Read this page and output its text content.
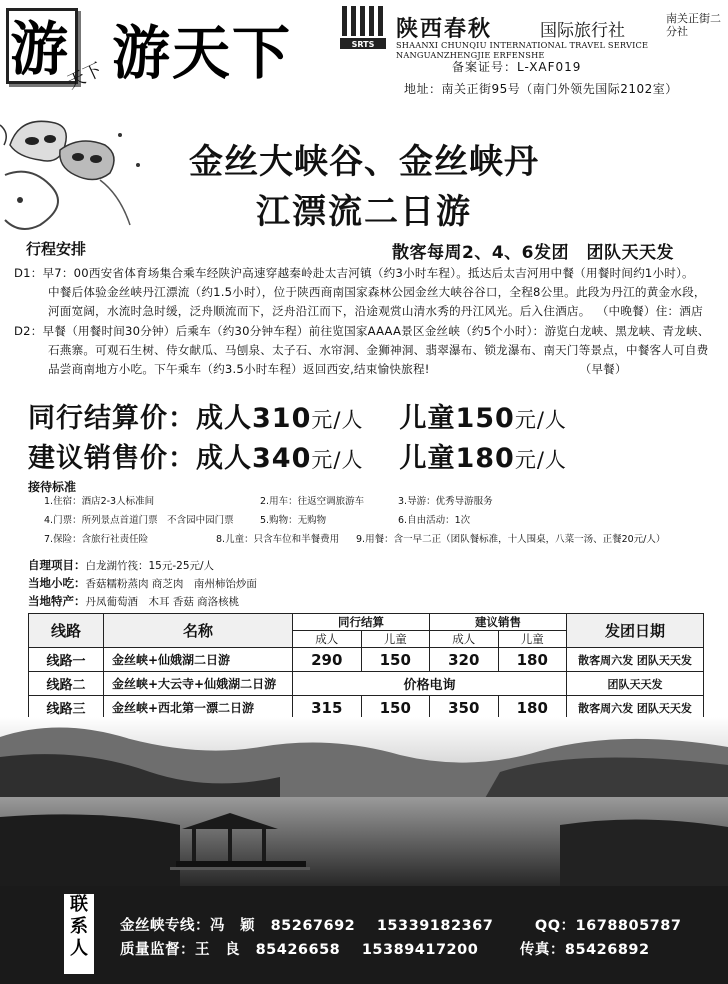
游 天下 游天下	SRTS
陕西春秋	国际旅行社
南关正街二分社
SHAANXI CHUNQIU INTERNATIONAL TRAVEL SERVICE NANGUANZHENGJIE ERFENSHE
备案证号：L-XAF019
地址：南关正街95号（南门外领先国际2102室）
金丝大峡谷、金丝峡丹
江漂流二日游
行程安排	散客每周2、4、6发团　团队天天发
D1：早7：00西安省体育场集合乘车经陕沪高速穿越秦岭赴太吉河镇（约3小时车程）。抵达后太吉河用中餐（用餐时间约1小时）。
中餐后体验金丝峡丹江漂流（约1.5小时），位于陕西商南国家森林公园金丝大峡谷谷口，全程8公里。此段为丹江的黄金水段，
河面宽阔，水流时急时缓，泛舟顺流而下，泛舟沿江而下，沿途观赏山清水秀的丹江风光。后入住酒店。 （中晚餐）住：酒店
D2：早餐（用餐时间30分钟）后乘车（约30分钟车程）前往览国家AAAA景区金丝峡（约5个小时）：游览白龙峡、黑龙峡、青龙峡、
石燕寨。可观石生树、侍女献瓜、马刨泉、太子石、水帘洞、金狮神洞、翡翠瀑布、锁龙瀑布、南天门等景点，中餐客人可自费
品尝商南地方小吃。下午乘车（约3.5小时车程）返回西安,结束愉快旅程!	（早餐）
同行结算价：成人310元/人 儿童150元/人
建议销售价：成人340元/人 儿童180元/人
接待标准
1.住宿：酒店2-3人标准间	2.用车：往返空调旅游车	3.导游：优秀导游服务
4.门票：所列景点首道门票　不含园中园门票	5.购物：无购物	6.自由活动：1次
7.保险：含旅行社责任险	8.儿童：只含车位和半餐费用 9.用餐：含一早二正（团队餐标准，十人围桌，八菜一汤、正餐20元/人）
自理项目：白龙湖竹筏：15元-25元/人
当地小吃：香菇糯粉蒸肉 商芝肉　南州柿饴炒面
当地特产：丹凤葡萄酒　木耳 香菇 商洛核桃
线路	名称	同行结算		建议销售		发团日期
		成人	儿童	成人	儿童	
线路一	金丝峡+仙娥湖二日游	290	150	320	180	散客周六发 团队天天发
线路二	金丝峡+大云寺+仙娥湖二日游	价格电询				团队天天发
线路三	金丝峡+西北第一漂二日游	315	150	350	180	散客周六发 团队天天发
联系人
金丝峡专线：冯　颖 85267692 15339182367	QQ：1678805787
质量监督：王　良 85426658 15389417200	传真：85426892
